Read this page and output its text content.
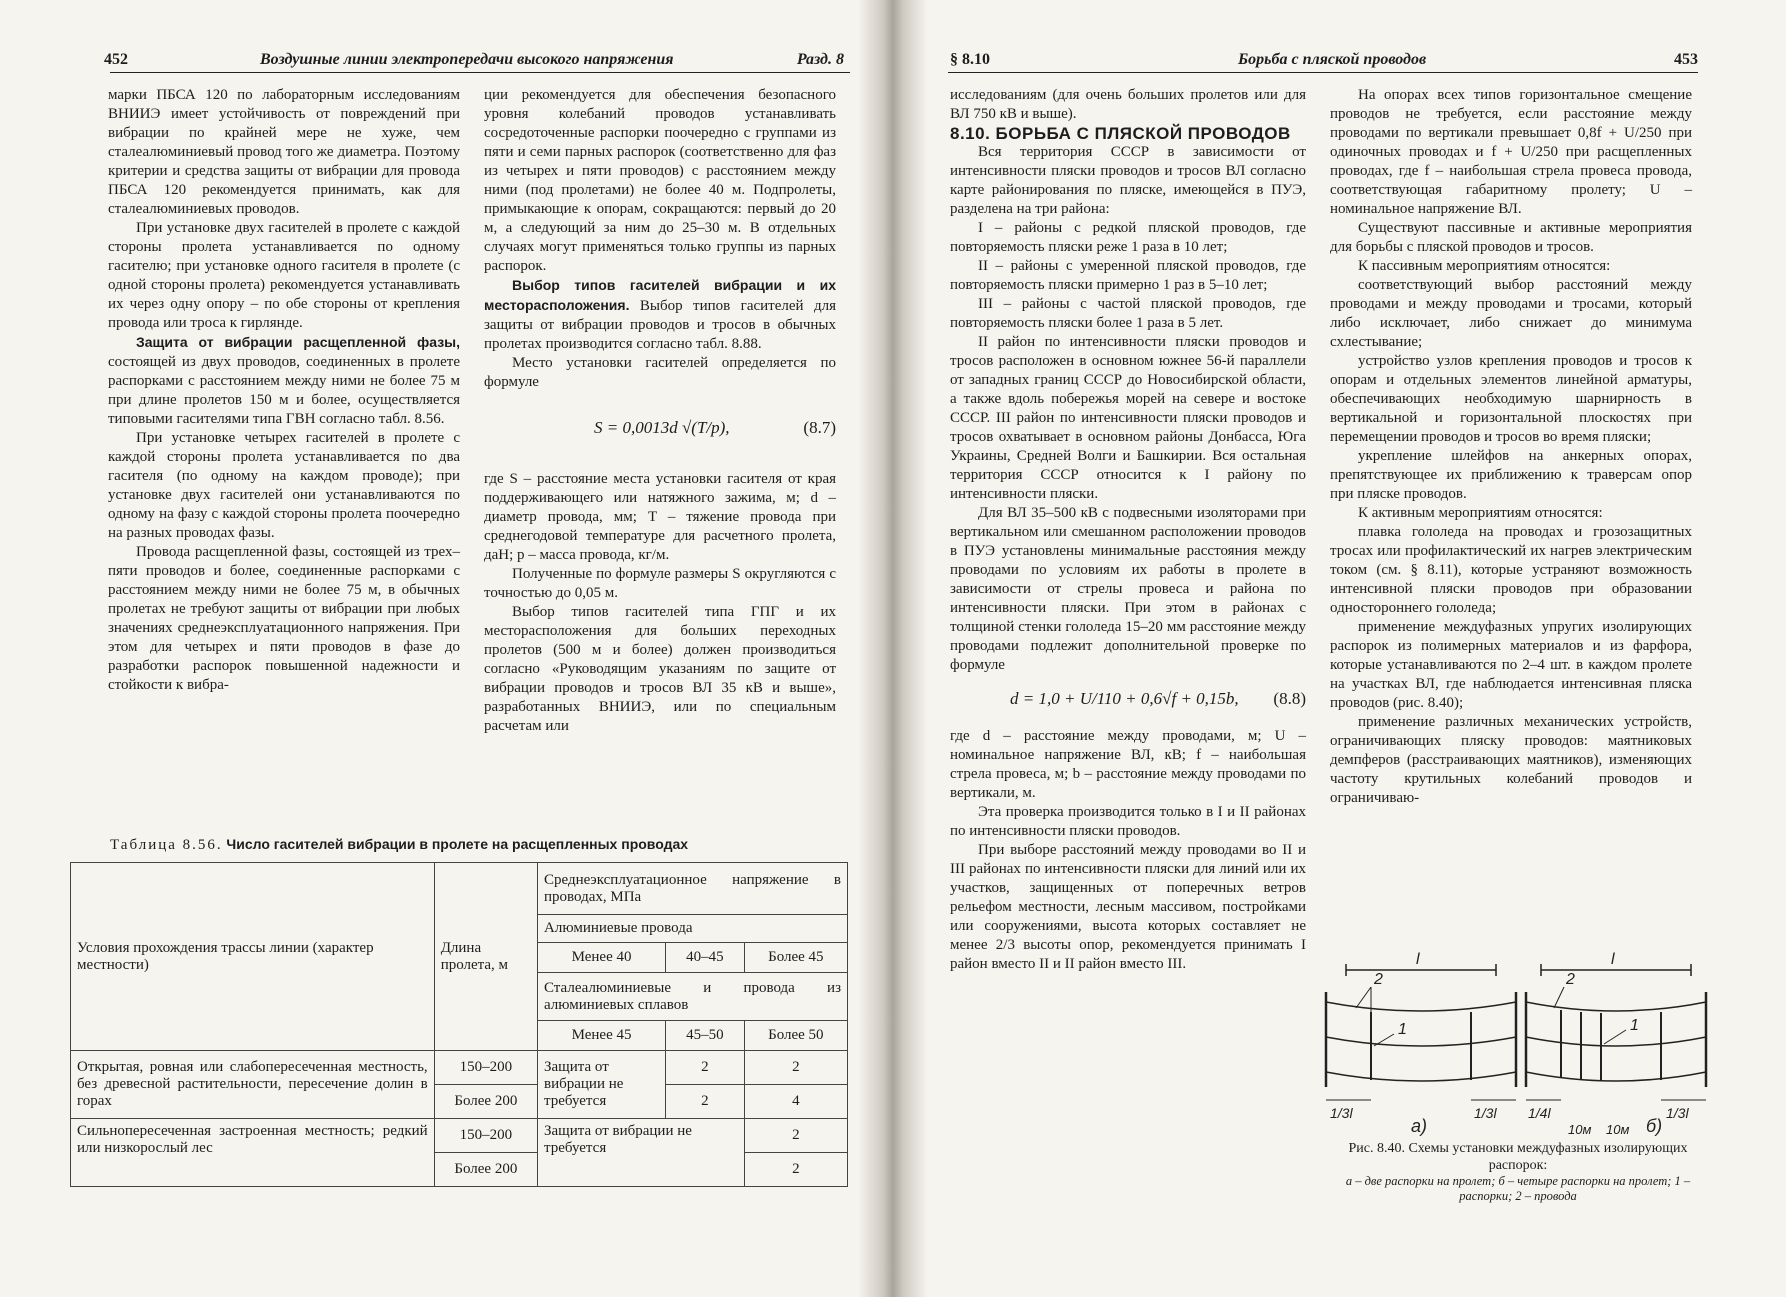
452	Воздушные линии электропередачи высокого напряжения	Разд. 8

марки ПБСА 120 по лабораторным исследованиям ВНИИЭ имеет устойчивость от повреждений при вибрации по крайней мере не хуже, чем сталеалюминиевый провод того же диаметра. Поэтому критерии и средства защиты от вибрации для провода ПБСА 120 рекомендуется принимать, как для сталеалюминиевых проводов.

При установке двух гасителей в пролете с каждой стороны пролета устанавливается по одному гасителю; при установке одного гасителя в пролете (с одной стороны пролета) рекомендуется устанавливать их через одну опору – по обе стороны от крепления провода или троса к гирлянде.

Защита от вибрации расщепленной фазы, состоящей из двух проводов, соединенных в пролете распорками с расстоянием между ними не более 75 м при длине пролетов 150 м и более, осуществляется типовыми гасителями типа ГВН согласно табл. 8.56.

При установке четырех гасителей в пролете с каждой стороны пролета устанавливается по два гасителя (по одному на каждом проводе); при установке двух гасителей они устанавливаются по одному на фазу с каждой стороны пролета поочередно на разных проводах фазы.

Провода расщепленной фазы, состоящей из трех–пяти проводов и более, соединенные распорками с расстоянием между ними не более 75 м, в обычных пролетах не требуют защиты от вибрации при любых значениях среднеэксплуатационного напряжения. При этом для четырех и пяти проводов в фазе до разработки распорок повышенной надежности и стойкости к вибра-

ции рекомендуется для обеспечения безопасного уровня колебаний проводов устанавливать сосредоточенные распорки поочередно с группами из пяти и семи парных распорок (соответственно для фаз из четырех и пяти проводов) с расстоянием между ними (под пролетами) не более 40 м. Подпролеты, примыкающие к опорам, сокращаются: первый до 20 м, а следующий за ним до 25–30 м. В отдельных случаях могут применяться только группы из парных распорок.

Выбор типов гасителей вибрации и их месторасположения. Выбор типов гасителей для защиты от вибрации проводов и тросов в обычных пролетах производится согласно табл. 8.88.

Место установки гасителей определяется по формуле

S = 0,0013d √(T/p),	(8.7)

где S – расстояние места установки гасителя от края поддерживающего или натяжного зажима, м; d – диаметр провода, мм; T – тяжение провода при среднегодовой температуре для расчетного пролета, даН; p – масса провода, кг/м.

Полученные по формуле размеры S округляются с точностью до 0,05 м.

Выбор типов гасителей типа ГПГ и их месторасположения для больших переходных пролетов (500 м и более) должен производиться согласно «Руководящим указаниям по защите от вибрации проводов и тросов ВЛ 35 кВ и выше», разработанных ВНИИЭ, или по специальным расчетам или

Таблица 8.56. Число гасителей вибрации в пролете на расщепленных проводах
Условия прохождения трассы линии (характер местности)	Длина пролета, м	Среднеэксплуатационное напряжение в проводах, МПа		
		Алюминиевые провода		
		Менее 40	40–45	Более 45
		Сталеалюминиевые и провода из алюминиевых сплавов		
		Менее 45	45–50	Более 50
Открытая, ровная или слабопересеченная местность, без древесной растительности, пересечение долин в горах	150–200	Защита от вибрации не требуется	2	2
	Более 200		2	4
Сильнопересеченная застроенная местность; редкий или низкорослый лес	150–200	Защита от вибрации не требуется		2
	Более 200			2
§ 8.10	Борьба с пляской проводов	453

исследованиям (для очень больших пролетов или для ВЛ 750 кВ и выше).

8.10. БОРЬБА С ПЛЯСКОЙ ПРОВОДОВ

Вся территория СССР в зависимости от интенсивности пляски проводов и тросов ВЛ согласно карте районирования по пляске, имеющейся в ПУЭ, разделена на три района:

I – районы с редкой пляской проводов, где повторяемость пляски реже 1 раза в 10 лет;

II – районы с умеренной пляской проводов, где повторяемость пляски примерно 1 раз в 5–10 лет;

III – районы с частой пляской проводов, где повторяемость пляски более 1 раза в 5 лет.

II район по интенсивности пляски проводов и тросов расположен в основном южнее 56-й параллели от западных границ СССР до Новосибирской области, а также вдоль побережья морей на севере и востоке СССР. III район по интенсивности пляски проводов и тросов охватывает в основном районы Донбасса, Юга Украины, Средней Волги и Башкирии. Вся остальная территория СССР относится к I району по интенсивности пляски.

Для ВЛ 35–500 кВ с подвесными изоляторами при вертикальном или смешанном расположении проводов в ПУЭ установлены минимальные расстояния между проводами по условиям их работы в пролете в зависимости от стрелы провеса и района по интенсивности пляски. При этом в районах с толщиной стенки гололеда 15–20 мм расстояние между проводами подлежит дополнительной проверке по формуле

d = 1,0 + U/110 + 0,6√f + 0,15b, (8.8)

где d – расстояние между проводами, м; U – номинальное напряжение ВЛ, кВ; f – наибольшая стрела провеса, м; b – расстояние между проводами по вертикали, м.

Эта проверка производится только в I и II районах по интенсивности пляски проводов.

При выборе расстояний между проводами во II и III районах по интенсивности пляски для линий или их участков, защищенных от поперечных ветров рельефом местности, лесным массивом, постройками или сооружениями, высота которых составляет не менее 2/3 высоты опор, рекомендуется принимать I район вместо II и II район вместо III.

На опорах всех типов горизонтальное смещение проводов не требуется, если расстояние между проводами по вертикали превышает 0,8f + U/250 при одиночных проводах и f + U/250 при расщепленных проводах, где f – наибольшая стрела провеса провода, соответствующая габаритному пролету; U – номинальное напряжение ВЛ.

Существуют пассивные и активные мероприятия для борьбы с пляской проводов и тросов.

К пассивным мероприятиям относятся:

соответствующий выбор расстояний между проводами и между проводами и тросами, который либо исключает, либо снижает до минимума схлестывание;

устройство узлов крепления проводов и тросов к опорам и отдельных элементов линейной арматуры, обеспечивающих необходимую шарнирность в вертикальной и горизонтальной плоскостях при перемещении проводов и тросов во время пляски;

укрепление шлейфов на анкерных опорах, препятствующее их приближению к траверсам опор при пляске проводов.

К активным мероприятиям относятся:

плавка гололеда на проводах и грозозащитных тросах или профилактический их нагрев электрическим током (см. § 8.11), которые устраняют возможность интенсивной пляски проводов при образовании одностороннего гололеда;

применение междуфазных упругих изолирующих распорок из полимерных материалов и из фарфора, которые устанавливаются по 2–4 шт. в каждом пролете на участках ВЛ, где наблюдается интенсивная пляска проводов (рис. 8.40);

применение различных механических устройств, ограничивающих пляску проводов: маятниковых демпферов (расстраивающих маятников), изменяющих частоту крутильных колебаний проводов и ограничиваю-

l	l
2
1
2
1
1/3l	1/3l
а)
1/4l	1/3l
10м 10м б)
Рис. 8.40. Схемы установки междуфазных изолирующих распорок:
а – две распорки на пролет; б – четыре распорки на пролет; 1 – распорки; 2 – провода
